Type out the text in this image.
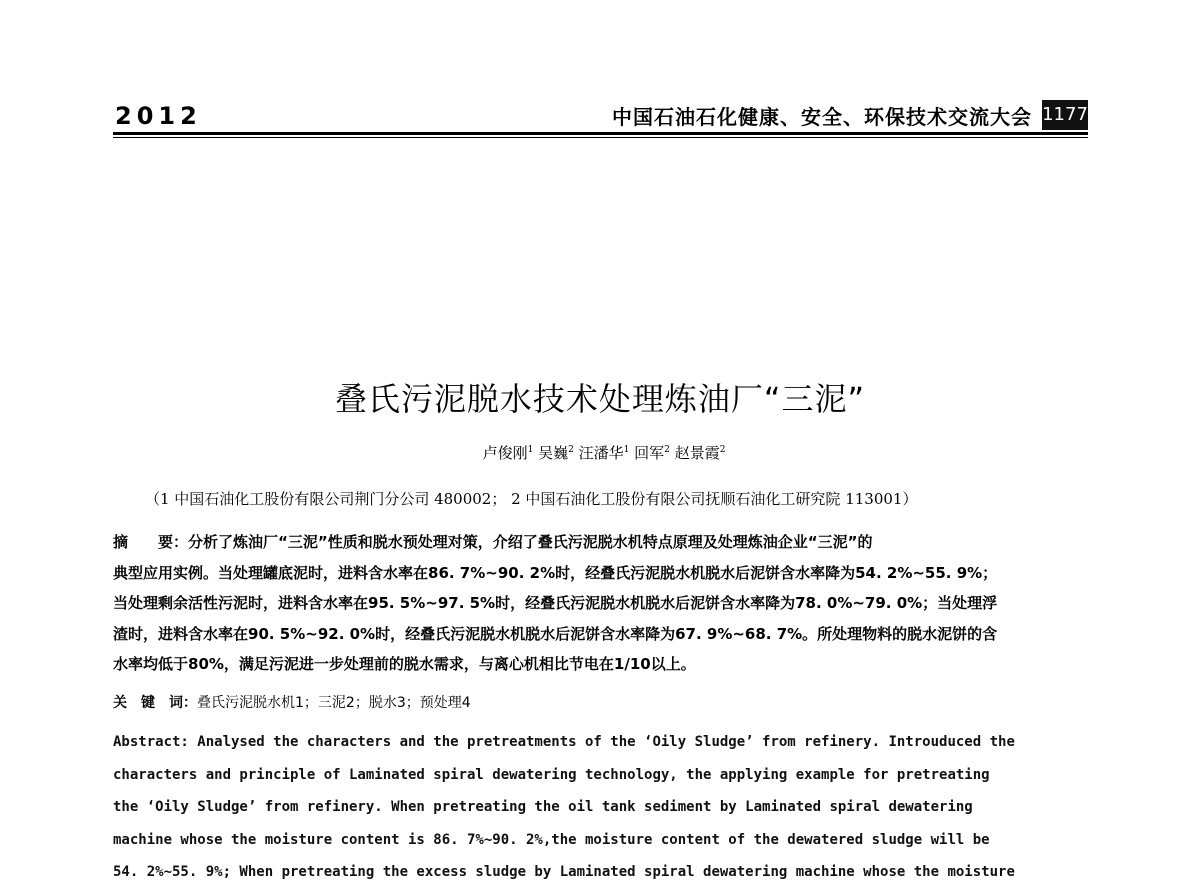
2012	中国石油石化健康、安全、环保技术交流大会 1177
叠氏污泥脱水技术处理炼油厂“三泥”
卢俊刚$^1$ 吴巍$^2$ 汪潘华$^1$ 回军$^2$ 赵景霞$^2$
（1 中国石油化工股份有限公司荆门分公司 480002； 2 中国石油化工股份有限公司抚顺石油化工研究院 113001）
摘　　要：分析了炼油厂“三泥”性质和脱水预处理对策，介绍了叠氏污泥脱水机特点原理及处理炼油企业“三泥”的
典型应用实例。当处理罐底泥时，进料含水率在86. 7%~90. 2%时，经叠氏污泥脱水机脱水后泥饼含水率降为54. 2%~55. 9%；
当处理剩余活性污泥时，进料含水率在95. 5%~97. 5%时，经叠氏污泥脱水机脱水后泥饼含水率降为78. 0%~79. 0%；当处理浮
渣时，进料含水率在90. 5%~92. 0%时，经叠氏污泥脱水机脱水后泥饼含水率降为67. 9%~68. 7%。所处理物料的脱水泥饼的含
水率均低于80%，满足污泥进一步处理前的脱水需求，与离心机相比节电在1/10以上。
关　键　词：叠氏污泥脱水机1；三泥2；脱水3；预处理4
Abstract: Analysed the characters and the pretreatments of the ‘Oily Sludge’ from refinery. Introuduced the
characters and principle of Laminated spiral dewatering technology, the applying example for pretreating
the ‘Oily Sludge’ from refinery. When pretreating the oil tank sediment by Laminated spiral dewatering
machine whose the moisture content is 86. 7%~90. 2%,the moisture content of the dewatered sludge will be
54. 2%~55. 9%; When pretreating the excess sludge by Laminated spiral dewatering machine whose the moisture
